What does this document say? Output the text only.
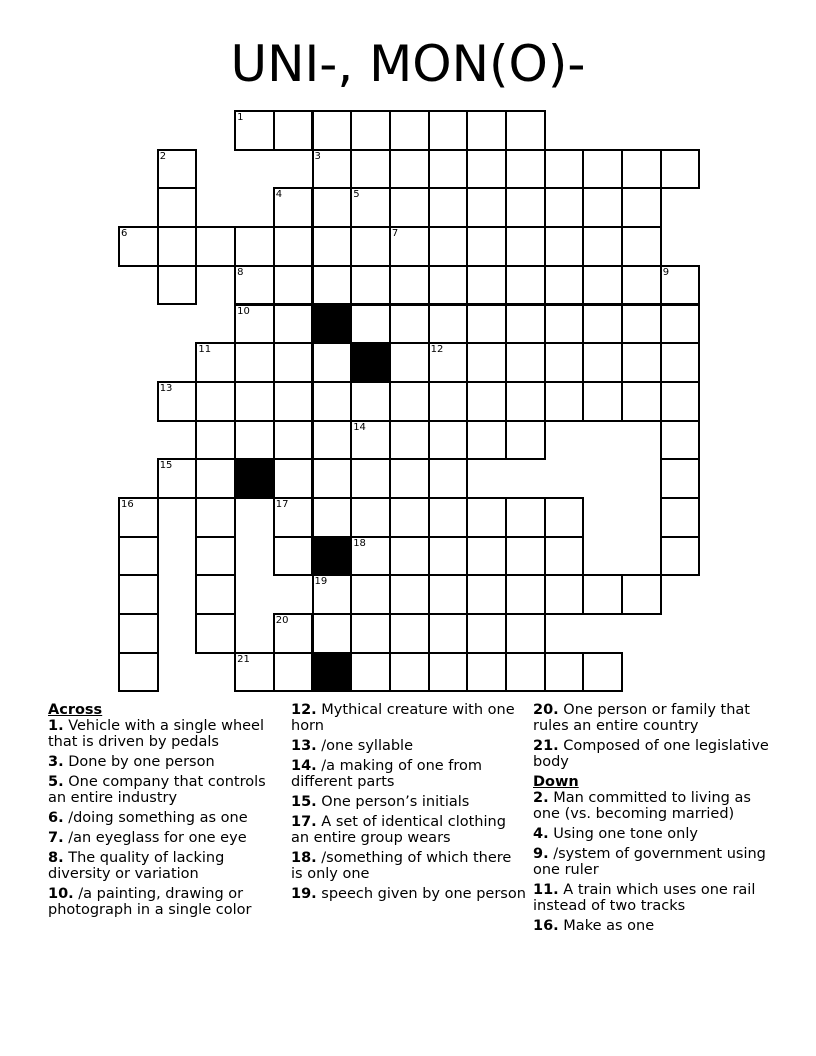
UNI-, MON(O)-
1
2	3
4	5
6	7
8	9
10
11	12
13
14
15
16	17
18
19
20
21

Across

1. Vehicle with a single wheel that is driven by pedals

3. Done by one person

5. One company that controls an entire industry

6. /doing something as one

7. /an eyeglass for one eye

8. The quality of lacking diversity or variation

10. /a painting, drawing or photograph in a single color

12. Mythical creature with one horn

13. /one syllable

14. /a making of one from different parts

15. One person’s initials

17. A set of identical clothing an entire group wears

18. /something of which there is only one

19. speech given by one person

20. One person or family that rules an entire country

21. Composed of one legislative body

Down

2. Man committed to living as one (vs. becoming married)

4. Using one tone only

9. /system of government using one ruler

11. A train which uses one rail instead of two tracks

16. Make as one
